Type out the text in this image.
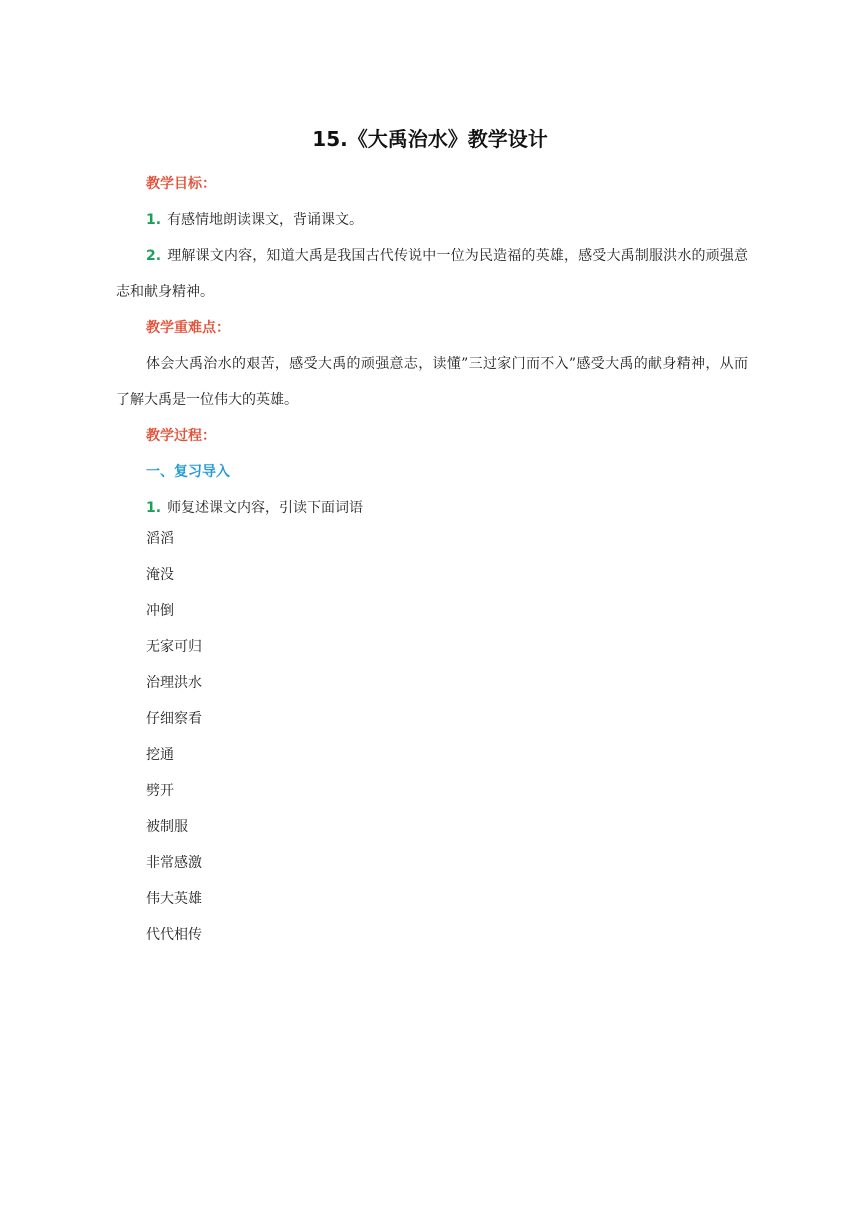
15.《大禹治水》教学设计
教学目标：
1. 有感情地朗读课文，背诵课文。
2. 理解课文内容，知道大禹是我国古代传说中一位为民造福的英雄，感受大禹制服洪水的顽强意志和献身精神。
教学重难点：
体会大禹治水的艰苦，感受大禹的顽强意志，读懂”三过家门而不入”感受大禹的献身精神，从而了解大禹是一位伟大的英雄。
教学过程：
一、复习导入
1. 师复述课文内容，引读下面词语
滔滔
淹没
冲倒
无家可归
治理洪水
仔细察看
挖通
劈开
被制服
非常感激
伟大英雄
代代相传
